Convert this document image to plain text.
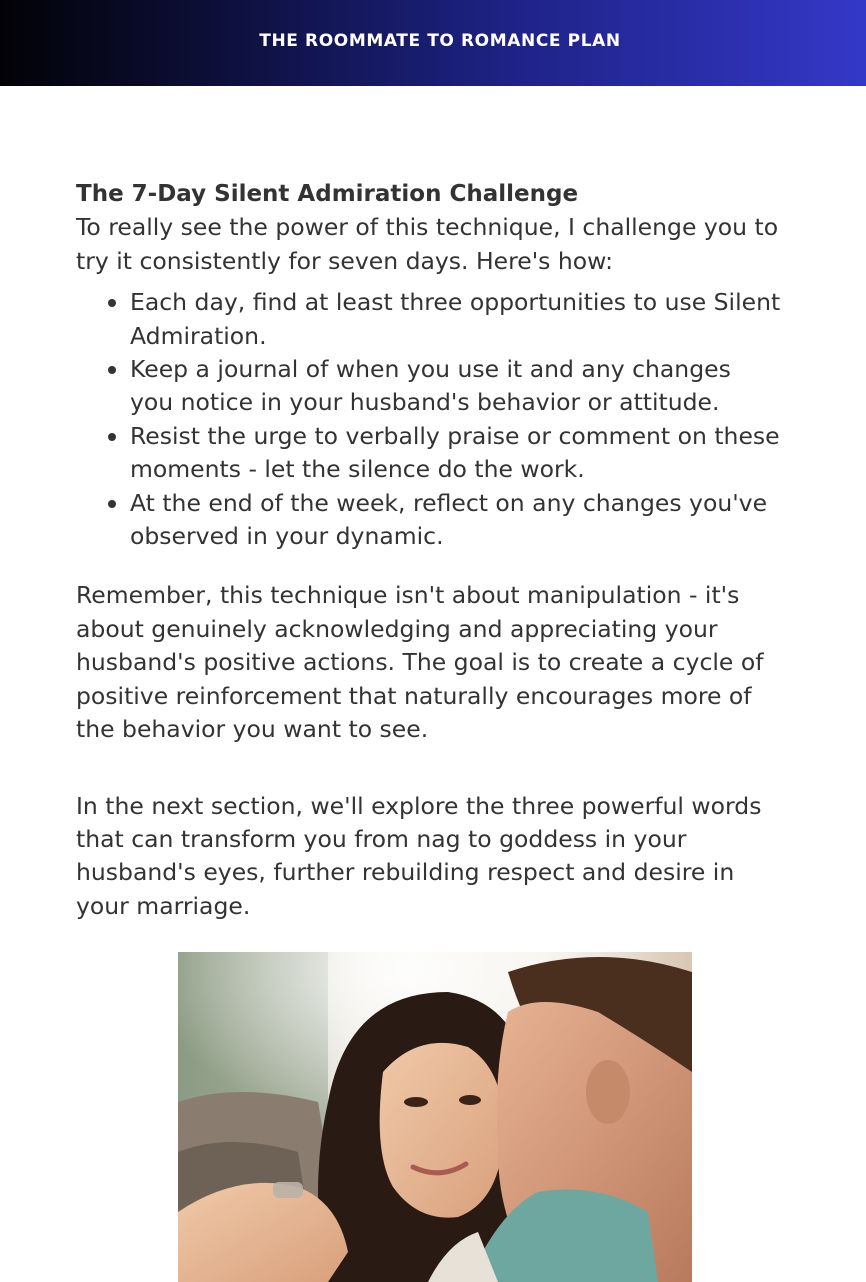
THE ROOMMATE TO ROMANCE PLAN

The 7-Day Silent Admiration Challenge

To really see the power of this technique, I challenge you to try it consistently for seven days. Here's how:

Each day, find at least three opportunities to use Silent Admiration.
Keep a journal of when you use it and any changes you notice in your husband's behavior or attitude.
Resist the urge to verbally praise or comment on these moments - let the silence do the work.
At the end of the week, reflect on any changes you've observed in your dynamic.

Remember, this technique isn't about manipulation - it's about genuinely acknowledging and appreciating your husband's positive actions. The goal is to create a cycle of positive reinforcement that naturally encourages more of the behavior you want to see.

In the next section, we'll explore the three powerful words that can transform you from nag to goddess in your husband's eyes, further rebuilding respect and desire in your marriage.
